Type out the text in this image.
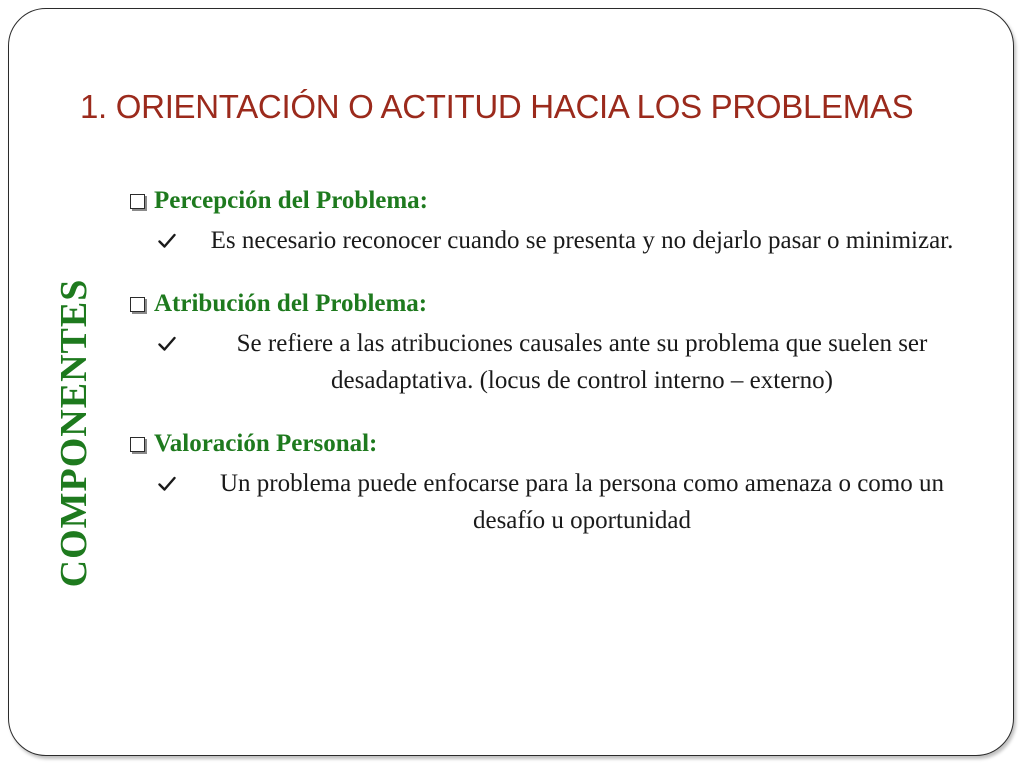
1. ORIENTACIÓN O ACTITUD HACIA LOS PROBLEMAS
COMPONENTES
Percepción del Problema:
Es necesario reconocer cuando se presenta y no dejarlo pasar o minimizar.
Atribución del Problema:
Se refiere a las atribuciones causales ante su problema que suelen ser desadaptativa. (locus de control interno – externo)
Valoración Personal:
Un problema puede enfocarse para la persona como amenaza o como un desafío u oportunidad
